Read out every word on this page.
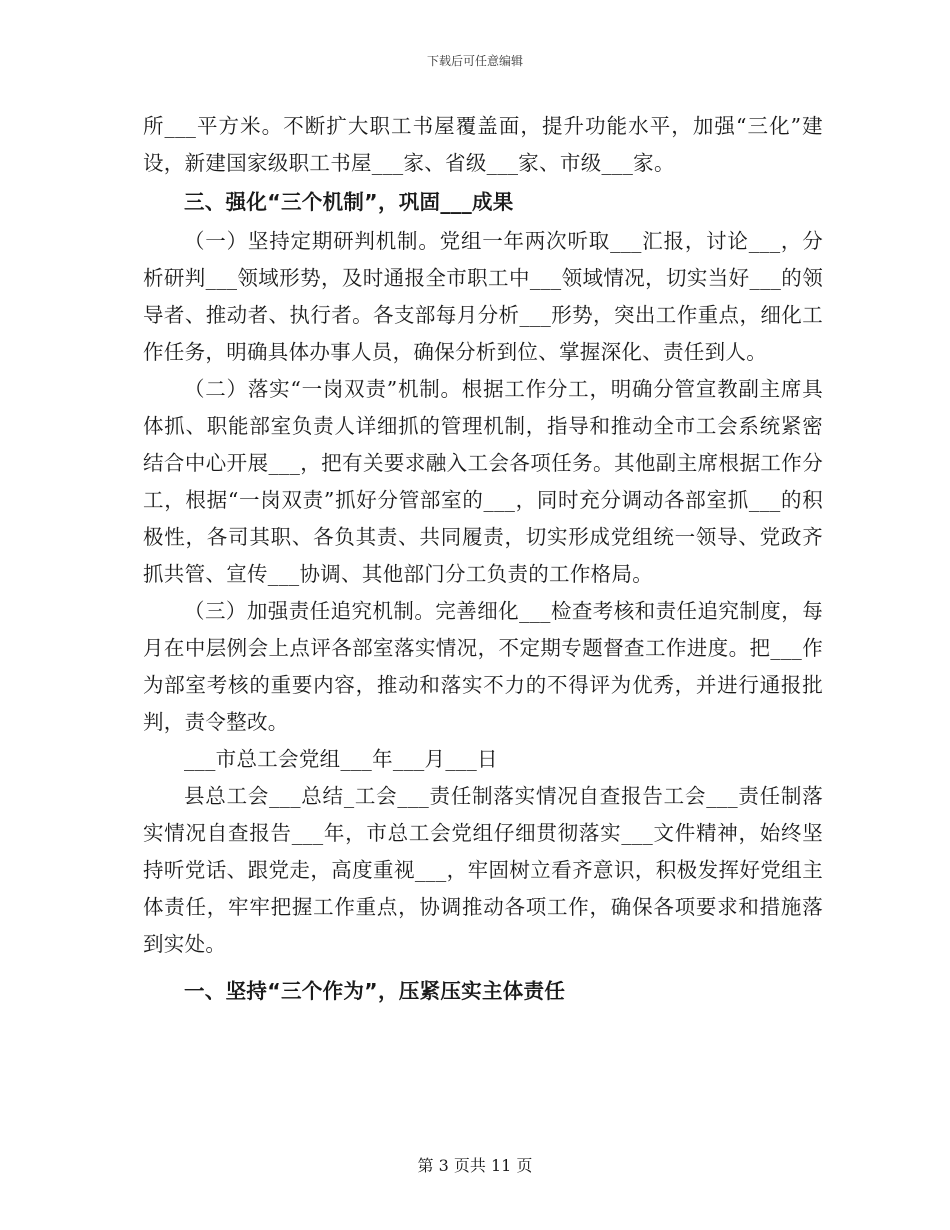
下载后可任意编辑

所___平方米。不断扩大职工书屋覆盖面，提升功能水平，加强“三化”建设，新建国家级职工书屋___家、省级___家、市级___家。

三、强化“三个机制”，巩固___成果

（一）坚持定期研判机制。党组一年两次听取___汇报，讨论___，分析研判___领域形势，及时通报全市职工中___领域情况，切实当好___的领导者、推动者、执行者。各支部每月分析___形势，突出工作重点，细化工作任务，明确具体办事人员，确保分析到位、掌握深化、责任到人。

（二）落实“一岗双责”机制。根据工作分工，明确分管宣教副主席具体抓、职能部室负责人详细抓的管理机制，指导和推动全市工会系统紧密结合中心开展___，把有关要求融入工会各项任务。其他副主席根据工作分工，根据“一岗双责”抓好分管部室的___，同时充分调动各部室抓___的积极性，各司其职、各负其责、共同履责，切实形成党组统一领导、党政齐抓共管、宣传___协调、其他部门分工负责的工作格局。

（三）加强责任追究机制。完善细化___检查考核和责任追究制度，每月在中层例会上点评各部室落实情况，不定期专题督查工作进度。把___作为部室考核的重要内容，推动和落实不力的不得评为优秀，并进行通报批判，责令整改。

___市总工会党组___年___月___日

县总工会___总结_工会___责任制落实情况自查报告工会___责任制落实情况自查报告___年，市总工会党组仔细贯彻落实___文件精神，始终坚持听党话、跟党走，高度重视___，牢固树立看齐意识，积极发挥好党组主体责任，牢牢把握工作重点，协调推动各项工作，确保各项要求和措施落到实处。

一、坚持“三个作为”，压紧压实主体责任

第 3 页共 11 页
